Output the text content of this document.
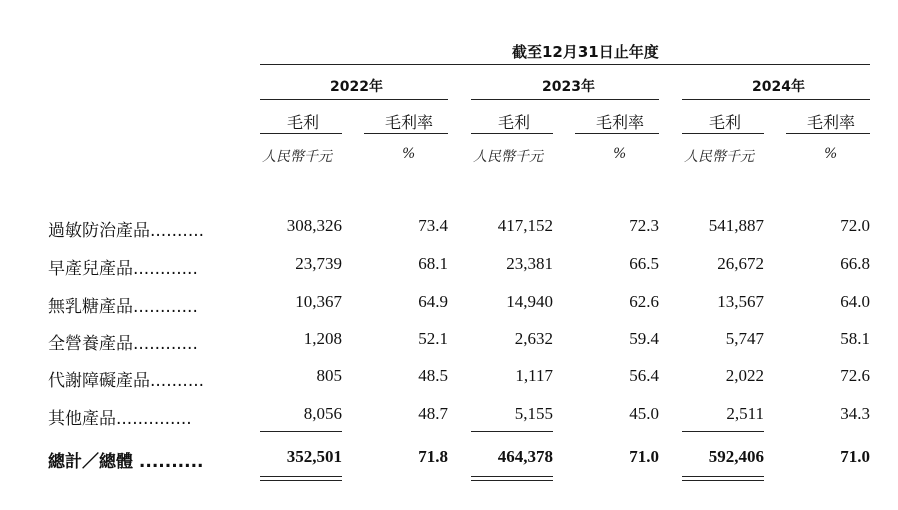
截至12月31日止年度
2022年	2023年	2024年
毛利	毛利率	毛利	毛利率	毛利	毛利率
人民幣千元	%	人民幣千元	%	人民幣千元	%
過敏防治產品..........	308,326	73.4	417,152	72.3	541,887	72.0
早產兒產品............	23,739	68.1	23,381	66.5	26,672	66.8
無乳糖產品............	10,367	64.9	14,940	62.6	13,567	64.0
全營養產品............	1,208	52.1	2,632	59.4	5,747	58.1
代謝障礙產品..........	805	48.5	1,117	56.4	2,022	72.6
其他產品..............	8,056	48.7	5,155	45.0	2,511	34.3
總計／總體 ..........	352,501	71.8	464,378	71.0	592,406	71.0
